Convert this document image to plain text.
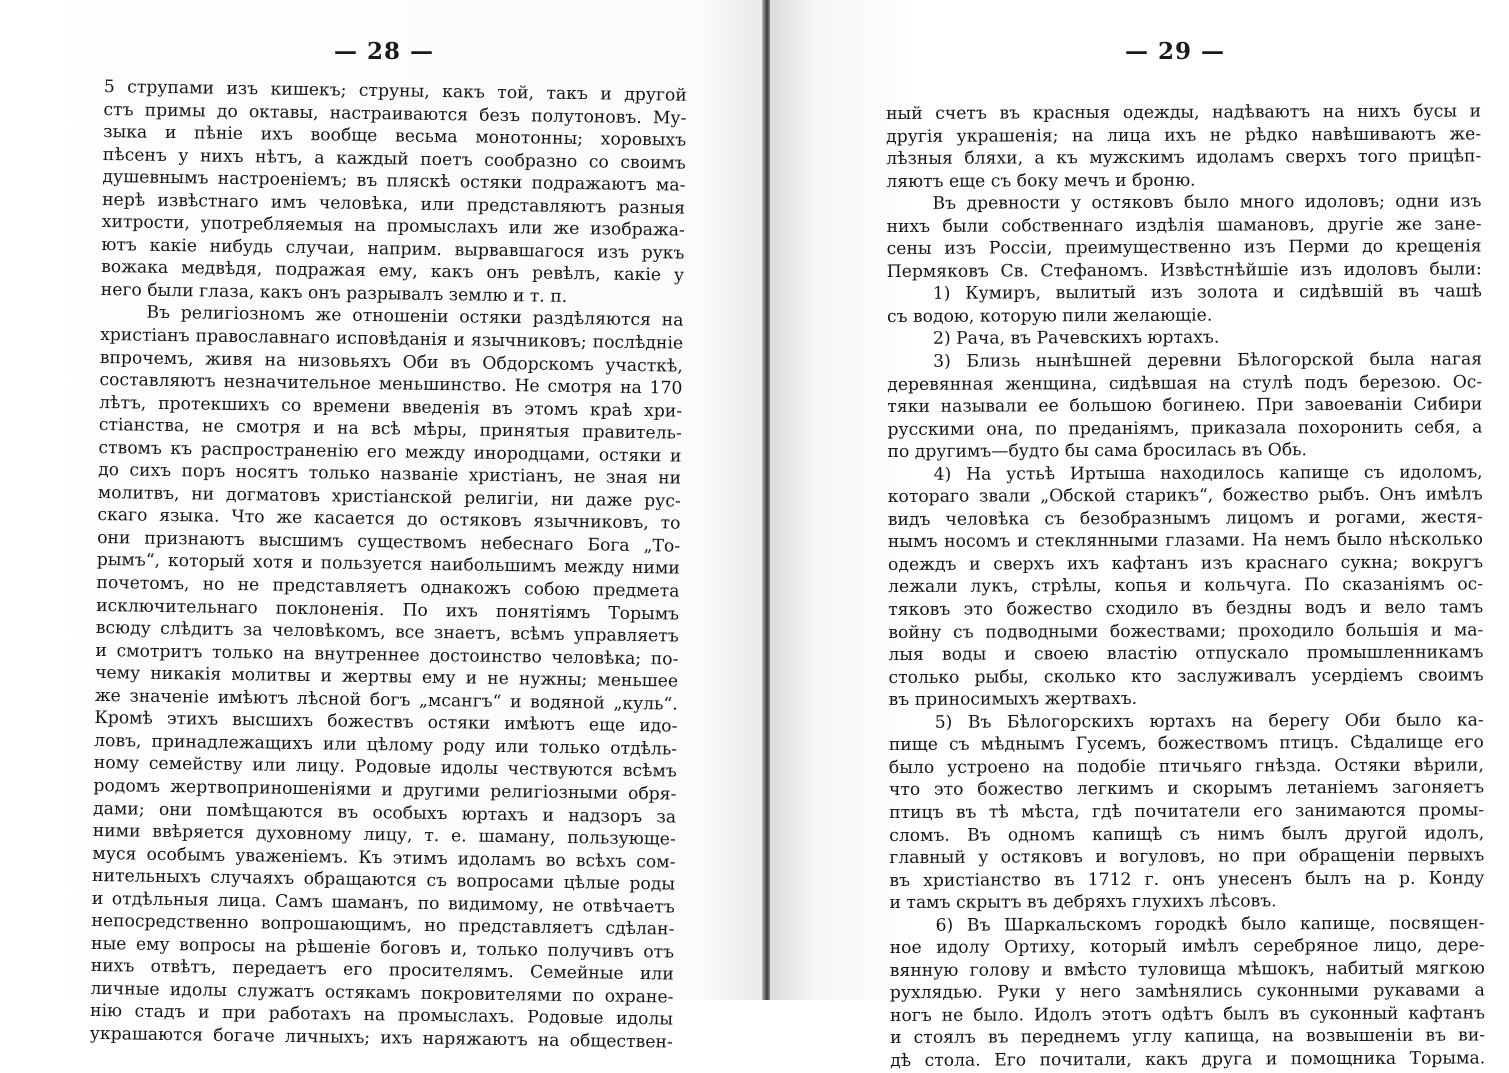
— 28 —
5 струпами изъ кишекъ; струны, какъ той, такъ и другой
стъ примы до октавы, настраиваются безъ полутоновъ. Му-
зыка и пѣніе ихъ вообще весьма монотонны; хоровыхъ
пѣсенъ у нихъ нѣтъ, а каждый поетъ сообразно со своимъ
душевнымъ настроеніемъ; въ пляскѣ остяки подражаютъ ма-
нерѣ извѣстнаго имъ человѣка, или представляютъ разныя
хитрости, употребляемыя на промыслахъ или же изобража-
ютъ какіе нибудь случаи, наприм. вырвавшагося изъ рукъ
вожака медвѣдя, подражая ему, какъ онъ ревѣлъ, какіе у
него были глаза, какъ онъ разрывалъ землю и т. п.
Въ религіозномъ же отношеніи остяки раздѣляются на
христіанъ православнаго исповѣданія и язычниковъ; послѣдніе
впрочемъ, живя на низовьяхъ Оби въ Обдорскомъ участкѣ,
составляютъ незначительное меньшинство. Не смотря на 170
лѣтъ, протекшихъ со времени введенія въ этомъ краѣ хри-
стіанства, не смотря и на всѣ мѣры, принятыя правитель-
ствомъ къ распространенію его между инородцами, остяки и
до сихъ поръ носятъ только названіе христіанъ, не зная ни
молитвъ, ни догматовъ христіанской религіи, ни даже рус-
скаго языка. Что же касается до остяковъ язычниковъ, то
они признаютъ высшимъ существомъ небеснаго Бога „То-
рымъ“, который хотя и пользуется наибольшимъ между ними
почетомъ, но не представляетъ однакожъ собою предмета
исключительнаго поклоненія. По ихъ понятіямъ Торымъ
всюду слѣдитъ за человѣкомъ, все знаетъ, всѣмъ управляетъ
и смотритъ только на внутреннее достоинство человѣка; по-
чему никакія молитвы и жертвы ему и не нужны; меньшее
же значеніе имѣютъ лѣсной богъ „мсангъ“ и водяной „куль“.
Кромѣ этихъ высшихъ божествъ остяки имѣютъ еще идо-
ловъ, принадлежащихъ или цѣлому роду или только отдѣль-
ному семейству или лицу. Родовые идолы чествуются всѣмъ
родомъ жертвоприношеніями и другими религіозными обря-
дами; они помѣщаются въ особыхъ юртахъ и надзоръ за
ними ввѣряется духовному лицу, т. е. шаману, пользующе-
муся особымъ уваженіемъ. Къ этимъ идоламъ во всѣхъ сом-
нительныхъ случаяхъ обращаются съ вопросами цѣлые роды
и отдѣльныя лица. Самъ шаманъ, по видимому, не отвѣчаетъ
непосредственно вопрошающимъ, но представляетъ сдѣлан-
ные ему вопросы на рѣшеніе боговъ и, только получивъ отъ
нихъ отвѣтъ, передаетъ его просителямъ. Семейные или
личные идолы служатъ остякамъ покровителями по охране-
нію стадъ и при работахъ на промыслахъ. Родовые идолы
украшаются богаче личныхъ; ихъ наряжаютъ на обществен-
— 29 —
ный счетъ въ красныя одежды, надѣваютъ на нихъ бусы и
другія украшенія; на лица ихъ не рѣдко навѣшиваютъ же-
лѣзныя бляхи, а къ мужскимъ идоламъ сверхъ того прицѣп-
ляютъ еще съ боку мечъ и броню.
Въ древности у остяковъ было много идоловъ; одни изъ
нихъ были собственнаго издѣлія шамановъ, другіе же зане-
сены изъ Россіи, преимущественно изъ Перми до крещенія
Пермяковъ Св. Стефаномъ. Извѣстнѣйшіе изъ идоловъ были:
1) Кумиръ, вылитый изъ золота и сидѣвшій въ чашѣ
съ водою, которую пили желающіе.
2) Рача, въ Рачевскихъ юртахъ.
3) Близь нынѣшней деревни Бѣлогорской была нагая
деревянная женщина, сидѣвшая на стулѣ подъ березою. Ос-
тяки называли ее большою богинею. При завоеваніи Сибири
русскими она, по преданіямъ, приказала похоронить себя, а
по другимъ—будто бы сама бросилась въ Обь.
4) На устьѣ Иртыша находилось капище съ идоломъ,
котораго звали „Обской старикъ“, божество рыбъ. Онъ имѣлъ
видъ человѣка съ безобразнымъ лицомъ и рогами, жестя-
нымъ носомъ и стеклянными глазами. На немъ было нѣсколько
одеждъ и сверхъ ихъ кафтанъ изъ краснаго сукна; вокругъ
лежали лукъ, стрѣлы, копья и кольчуга. По сказаніямъ ос-
тяковъ это божество сходило въ бездны водъ и вело тамъ
войну съ подводными божествами; проходило большія и ма-
лыя воды и своею властію отпускало промышленникамъ
столько рыбы, сколько кто заслуживалъ усердіемъ своимъ
въ приносимыхъ жертвахъ.
5) Въ Бѣлогорскихъ юртахъ на берегу Оби было ка-
пище съ мѣднымъ Гусемъ, божествомъ птицъ. Сѣдалище его
было устроено на подобіе птичьяго гнѣзда. Остяки вѣрили,
что это божество легкимъ и скорымъ летаніемъ загоняетъ
птицъ въ тѣ мѣста, гдѣ почитатели его занимаются промы-
сломъ. Въ одномъ капищѣ съ нимъ былъ другой идолъ,
главный у остяковъ и вогуловъ, но при обращеніи первыхъ
въ христіанство въ 1712 г. онъ унесенъ былъ на р. Конду
и тамъ скрытъ въ дебряхъ глухихъ лѣсовъ.
6) Въ Шаркальскомъ городкѣ было капище, посвящен-
ное идолу Ортиху, который имѣлъ серебряное лицо, дере-
вянную голову и вмѣсто туловища мѣшокъ, набитый мягкою
рухлядью. Руки у него замѣнялись суконными рукавами а
ногъ не было. Идолъ этотъ одѣтъ былъ въ суконный кафтанъ
и стоялъ въ переднемъ углу капища, на возвышеніи въ ви-
дѣ стола. Его почитали, какъ друга и помощника Торыма.
